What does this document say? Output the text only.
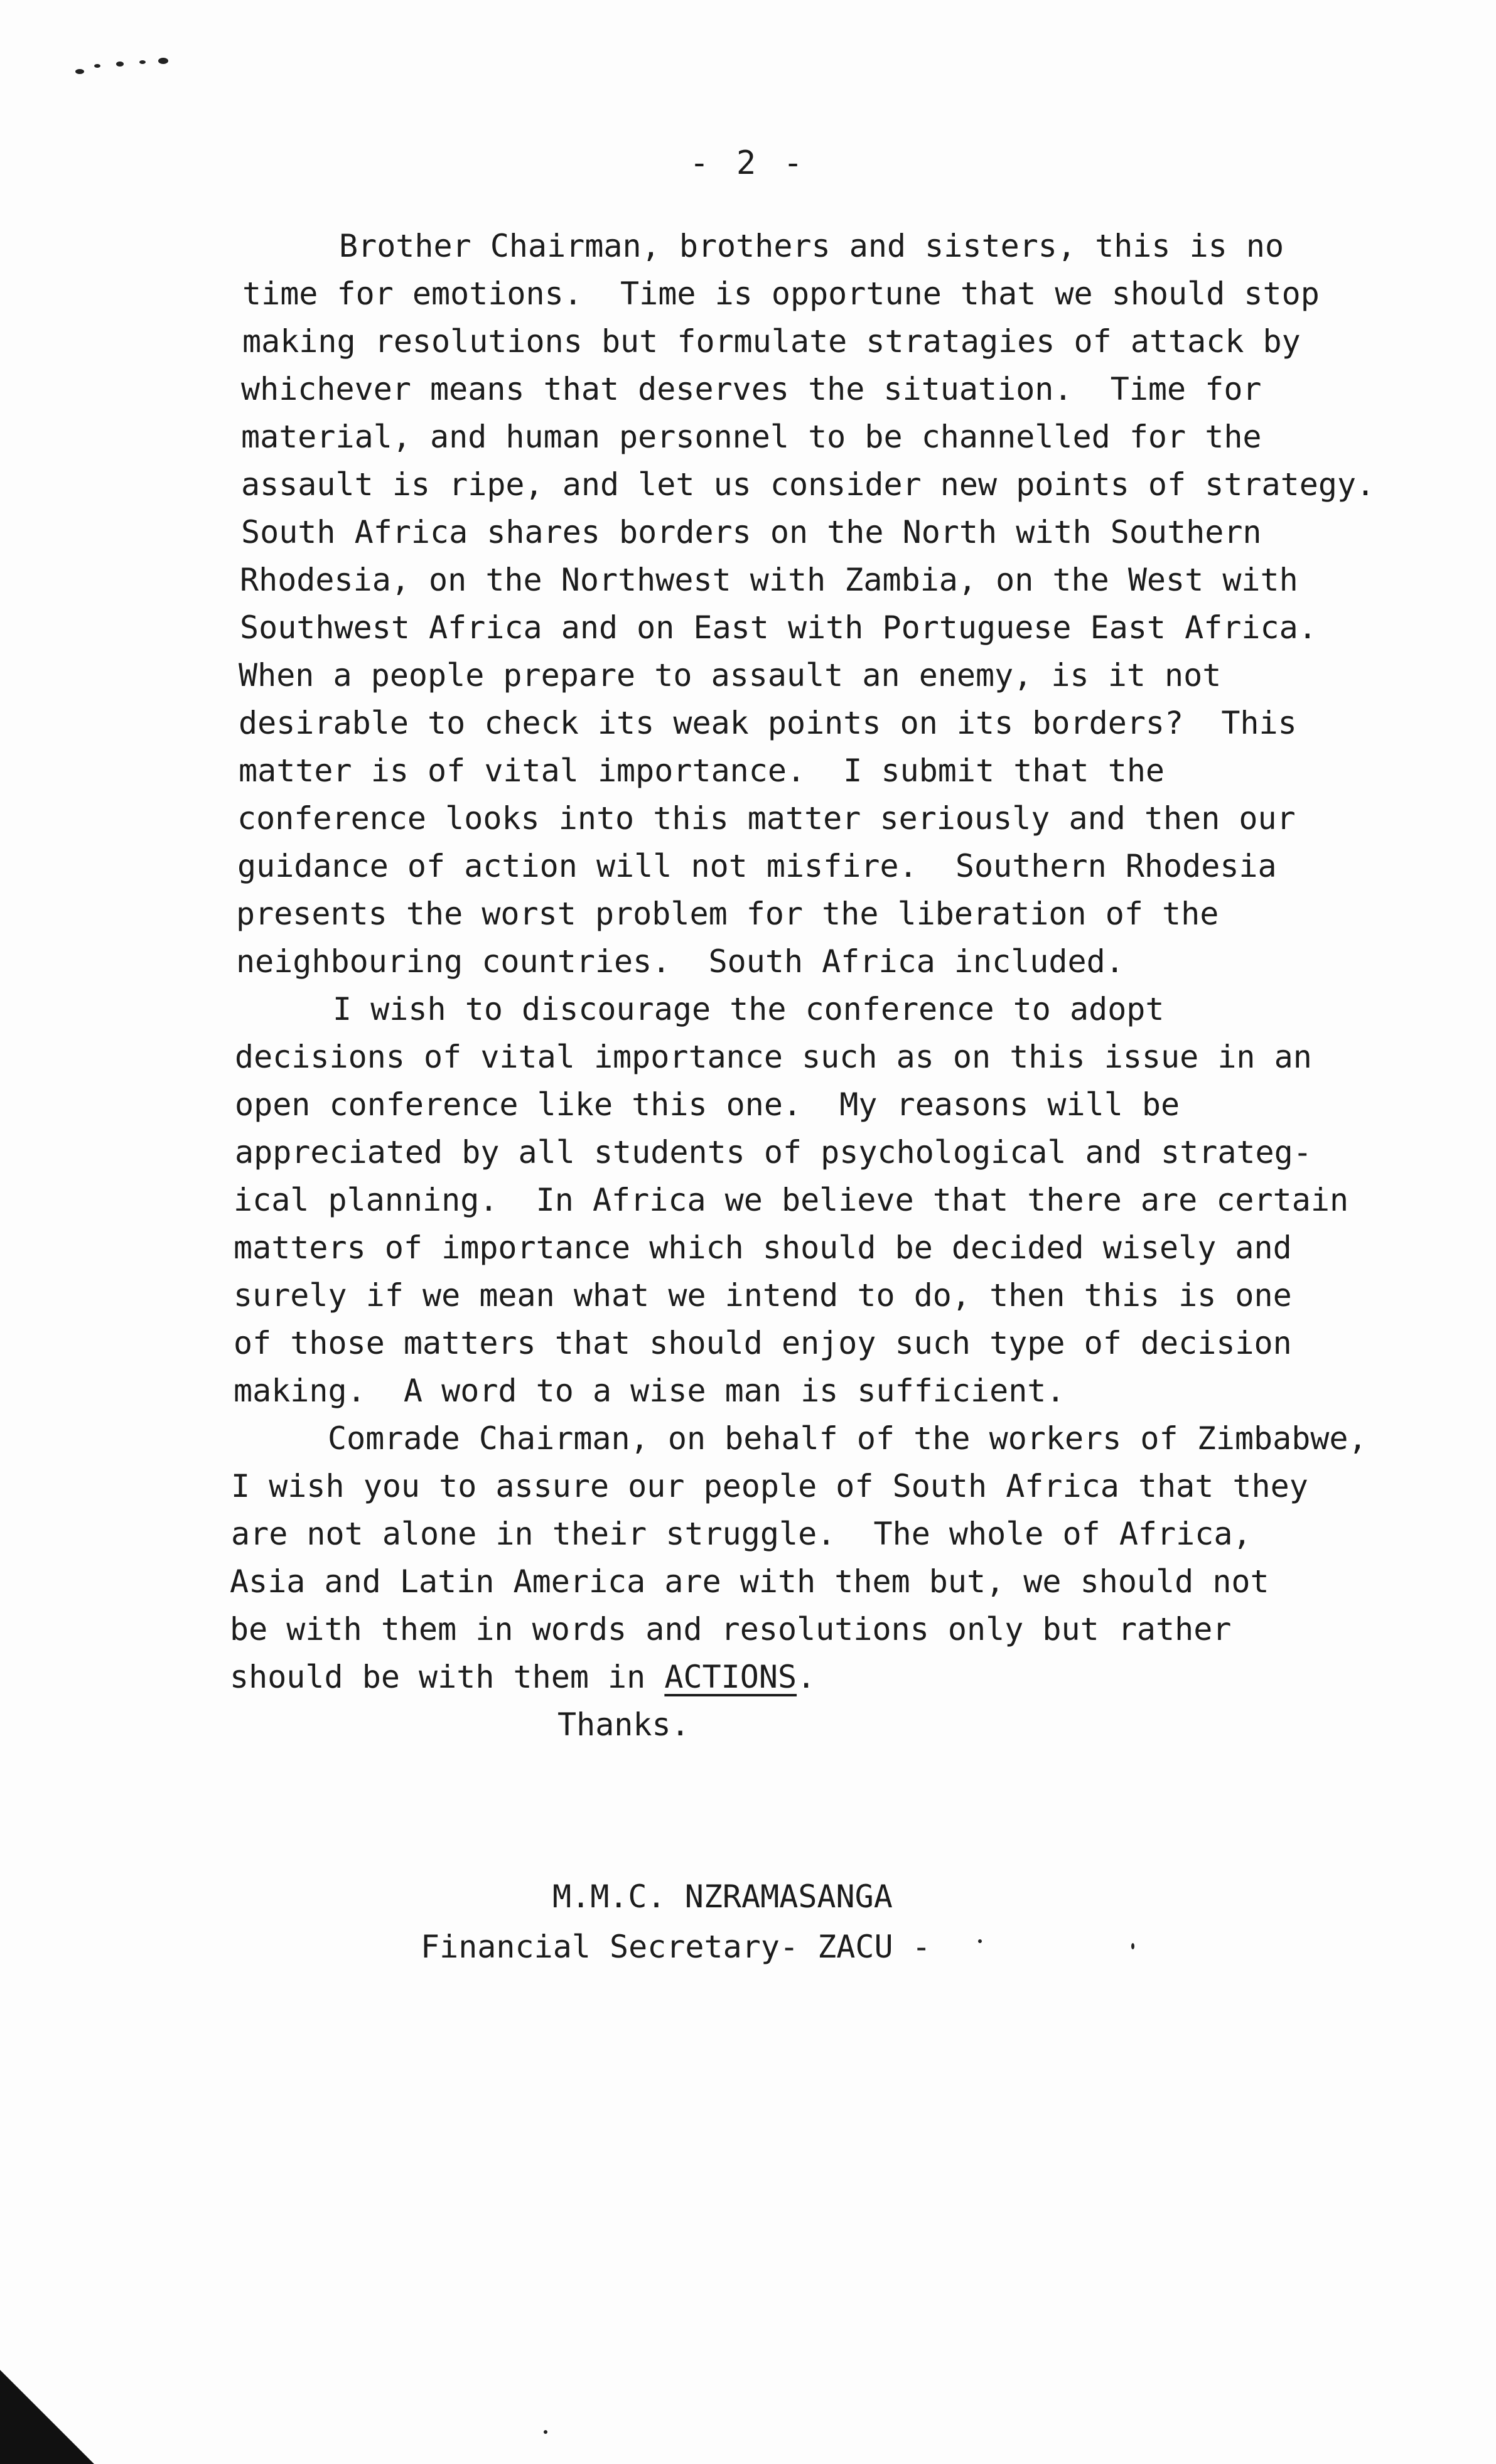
- 2 -
Brother Chairman, brothers and sisters, this is no
time for emotions.  Time is opportune that we should stop
making resolutions but formulate stratagies of attack by
whichever means that deserves the situation.  Time for
material, and human personnel to be channelled for the
assault is ripe, and let us consider new points of strategy.
South Africa shares borders on the North with Southern
Rhodesia, on the Northwest with Zambia, on the West with
Southwest Africa and on East with Portuguese East Africa.
When a people prepare to assault an enemy, is it not
desirable to check its weak points on its borders?  This
matter is of vital importance.  I submit that the
conference looks into this matter seriously and then our
guidance of action will not misfire.  Southern Rhodesia
presents the worst problem for the liberation of the
neighbouring countries.  South Africa included.
I wish to discourage the conference to adopt
decisions of vital importance such as on this issue in an
open conference like this one.  My reasons will be
appreciated by all students of psychological and strateg-
ical planning.  In Africa we believe that there are certain
matters of importance which should be decided wisely and
surely if we mean what we intend to do, then this is one
of those matters that should enjoy such type of decision
making.  A word to a wise man is sufficient.
Comrade Chairman, on behalf of the workers of Zimbabwe,
I wish you to assure our people of South Africa that they
are not alone in their struggle.  The whole of Africa,
Asia and Latin America are with them but, we should not
be with them in words and resolutions only but rather
should be with them in ACTIONS.
Thanks.
M.M.C. NZRAMASANGA
Financial Secretary- ZACU -
